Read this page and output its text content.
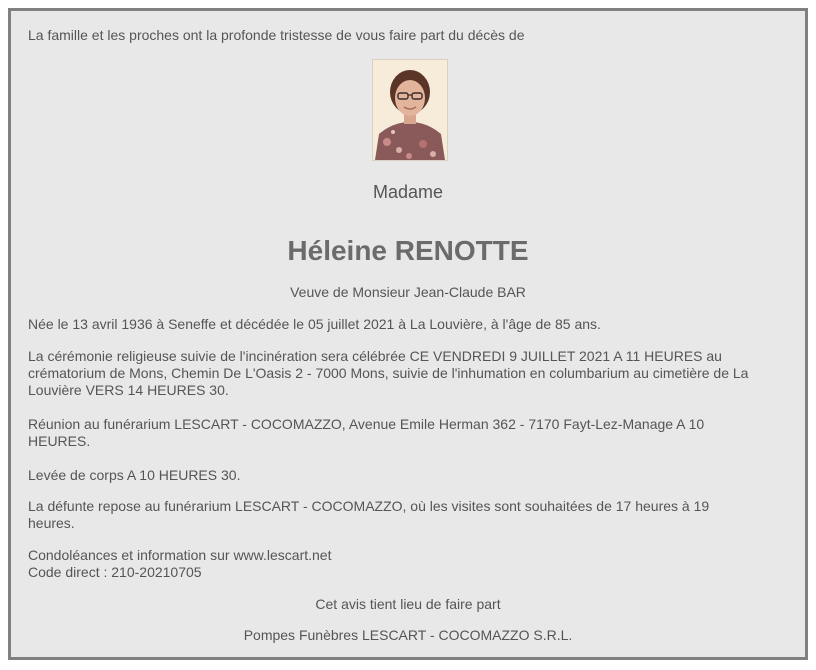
La famille et les proches ont la profonde tristesse de vous faire part du décès de

Madame

Héleine RENOTTE

Veuve de Monsieur Jean-Claude BAR

Née le 13 avril 1936 à Seneffe et décédée le 05 juillet 2021 à La Louvière, à l'âge de 85 ans.

La cérémonie religieuse suivie de l'incinération sera célébrée CE VENDREDI 9 JUILLET 2021 A 11 HEURES au

crématorium de Mons, Chemin De L'Oasis 2 - 7000 Mons, suivie de l'inhumation en columbarium au cimetière de La

Louvière VERS 14 HEURES 30.

Réunion au funérarium LESCART - COCOMAZZO, Avenue Emile Herman 362 - 7170 Fayt-Lez-Manage A 10

HEURES.

Levée de corps A 10 HEURES 30.

La défunte repose au funérarium LESCART - COCOMAZZO, où les visites sont souhaitées de 17 heures à 19

heures.

Condoléances et information sur www.lescart.net

Code direct : 210-20210705

Cet avis tient lieu de faire part

Pompes Funèbres LESCART - COCOMAZZO S.R.L.
